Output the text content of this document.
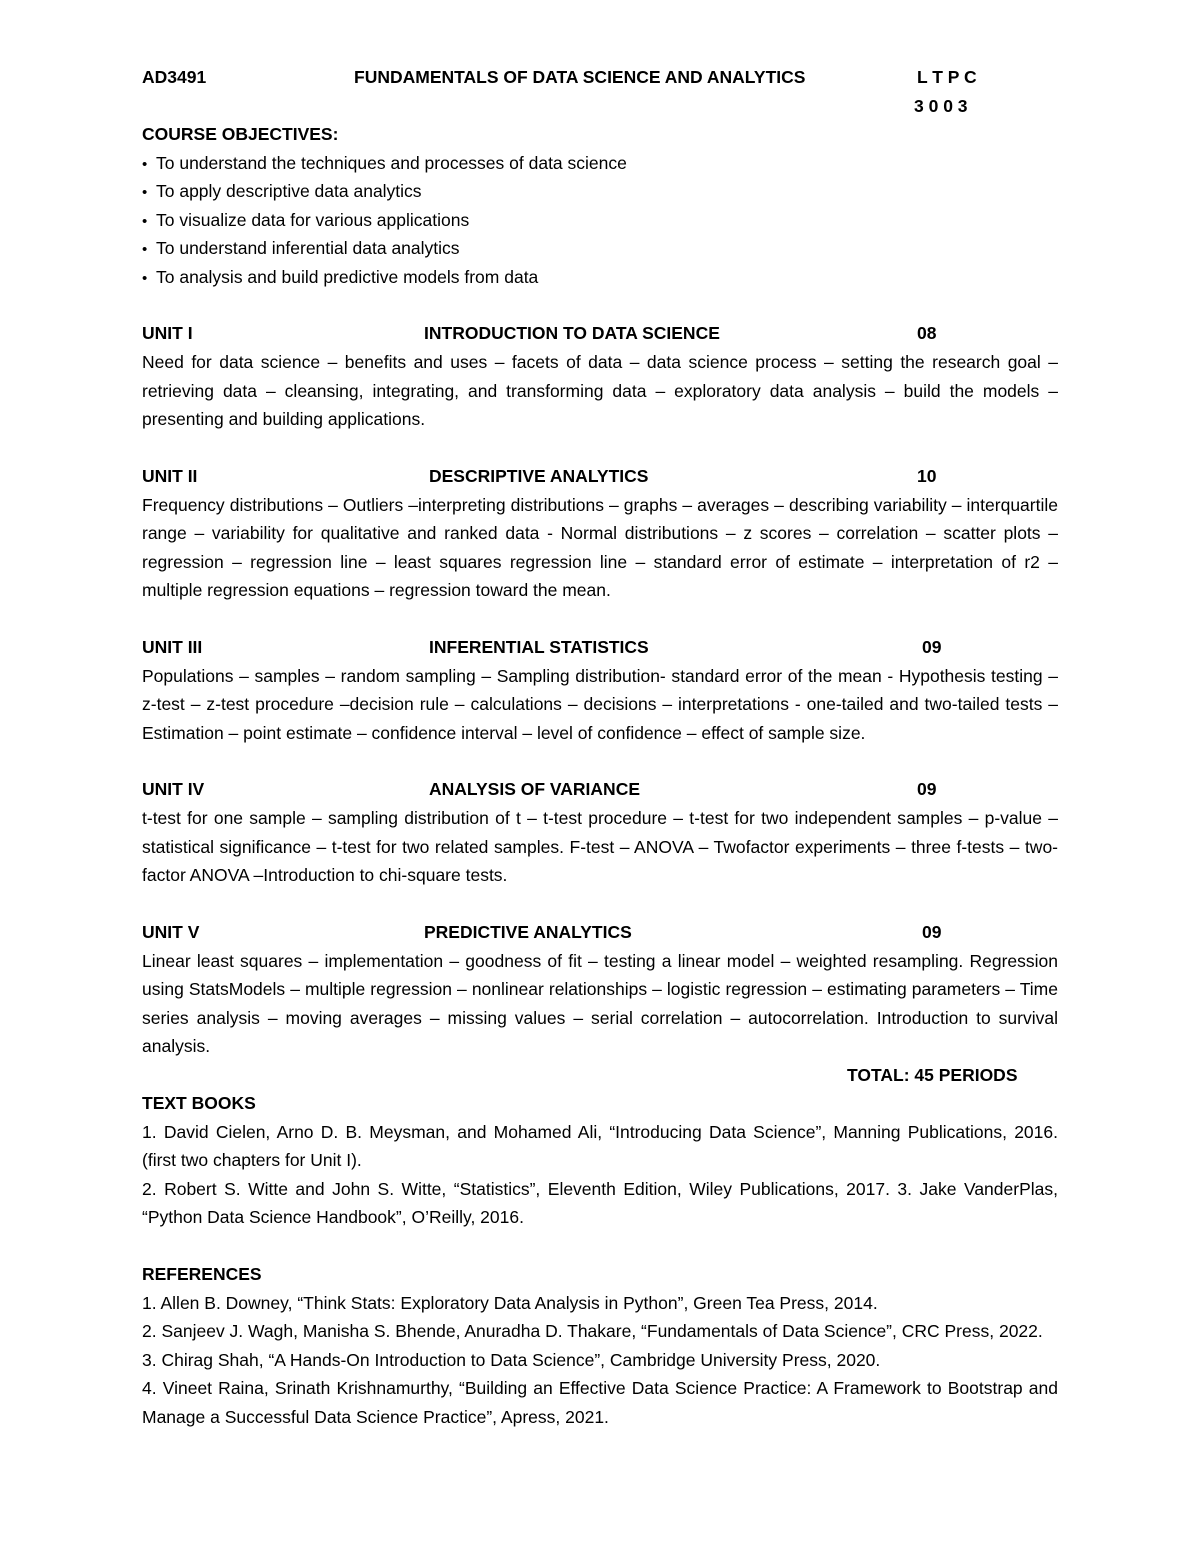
AD3491	FUNDAMENTALS OF DATA SCIENCE AND ANALYTICS	L T P C
3 0 0 3
COURSE OBJECTIVES:
• To understand the techniques and processes of data science
• To apply descriptive data analytics
• To visualize data for various applications
• To understand inferential data analytics
• To analysis and build predictive models from data
UNIT I	INTRODUCTION TO DATA SCIENCE	08

Need for data science – benefits and uses – facets of data – data science process – setting the research goal – retrieving data – cleansing, integrating, and transforming data – exploratory data analysis – build the models – presenting and building applications.

UNIT II	DESCRIPTIVE ANALYTICS	10

Frequency distributions – Outliers –interpreting distributions – graphs – averages – describing variability – interquartile range – variability for qualitative and ranked data - Normal distributions – z scores – correlation – scatter plots – regression – regression line – least squares regression line – standard error of estimate – interpretation of r2 – multiple regression equations – regression toward the mean.

UNIT III	INFERENTIAL STATISTICS	09

Populations – samples – random sampling – Sampling distribution- standard error of the mean - Hypothesis testing – z-test – z-test procedure –decision rule – calculations – decisions – interpretations - one-tailed and two-tailed tests – Estimation – point estimate – confidence interval – level of confidence – effect of sample size.

UNIT IV	ANALYSIS OF VARIANCE	09

t-test for one sample – sampling distribution of t – t-test procedure – t-test for two independent samples – p-value – statistical significance – t-test for two related samples. F-test – ANOVA – Twofactor experiments – three f-tests – two-factor ANOVA –Introduction to chi-square tests.

UNIT V	PREDICTIVE ANALYTICS	09

Linear least squares – implementation – goodness of fit – testing a linear model – weighted resampling. Regression using StatsModels – multiple regression – nonlinear relationships – logistic regression – estimating parameters – Time series analysis – moving averages – missing values – serial correlation – autocorrelation. Introduction to survival analysis.

TOTAL: 45 PERIODS
TEXT BOOKS

1. David Cielen, Arno D. B. Meysman, and Mohamed Ali, “Introducing Data Science”, Manning Publications, 2016. (first two chapters for Unit I).

2. Robert S. Witte and John S. Witte, “Statistics”, Eleventh Edition, Wiley Publications, 2017. 3. Jake VanderPlas, “Python Data Science Handbook”, O’Reilly, 2016.

REFERENCES

1. Allen B. Downey, “Think Stats: Exploratory Data Analysis in Python”, Green Tea Press, 2014.

2. Sanjeev J. Wagh, Manisha S. Bhende, Anuradha D. Thakare, “Fundamentals of Data Science”, CRC Press, 2022.

3. Chirag Shah, “A Hands-On Introduction to Data Science”, Cambridge University Press, 2020.

4. Vineet Raina, Srinath Krishnamurthy, “Building an Effective Data Science Practice: A Framework to Bootstrap and Manage a Successful Data Science Practice”, Apress, 2021.
